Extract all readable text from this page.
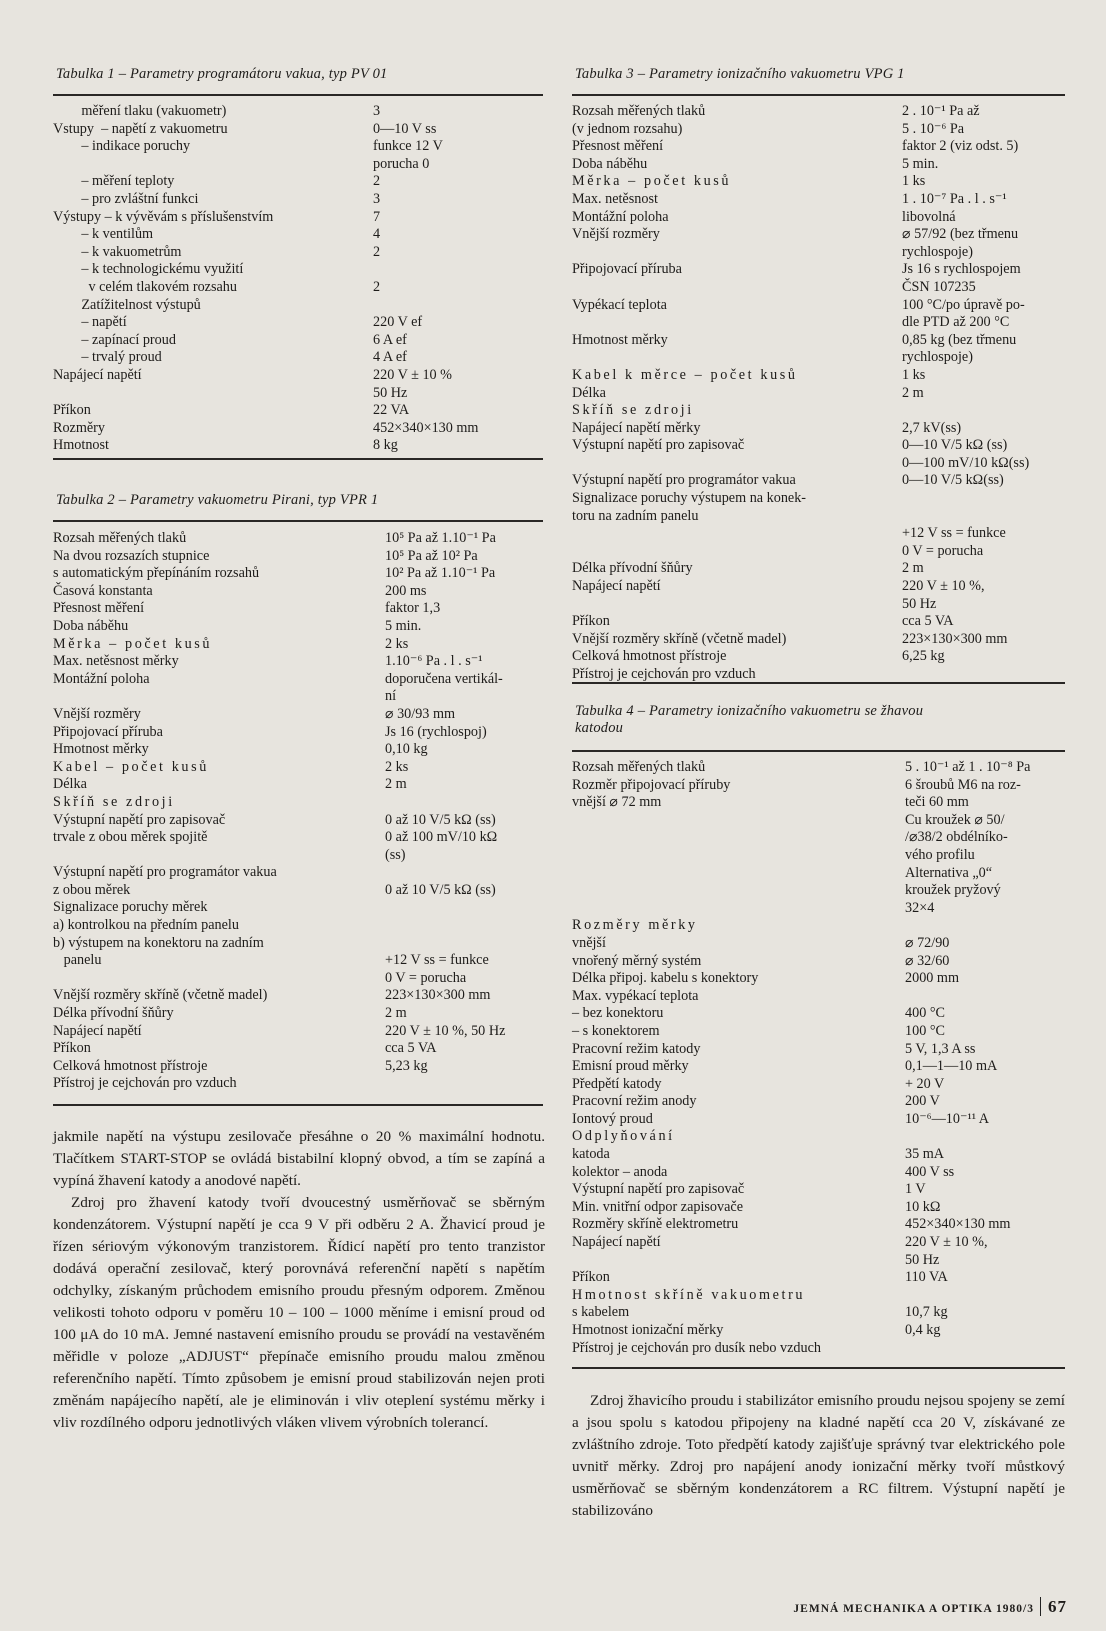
Tabulka 1 – Parametry programátoru vakua, typ PV 01
měření tlaku (vakuometr)	3
Vstupy  – napětí z vakuometru	0—10 V ss
– indikace poruchy	funkce 12 V
porucha 0
– měření teploty	2
– pro zvláštní funkci	3
Výstupy – k vývěvám s příslušenstvím	7
– k ventilům	4
– k vakuometrům	2
– k technologickému využití
v celém tlakovém rozsahu	2
Zatížitelnost výstupů
– napětí	220 V ef
– zapínací proud	6 A ef
– trvalý proud	4 A ef
Napájecí napětí	220 V ± 10 %
50 Hz
Příkon	22 VA
Rozměry	452×340×130 mm
Hmotnost	8 kg
Tabulka 2 – Parametry vakuometru Pirani, typ VPR 1
Rozsah měřených tlaků	10⁵ Pa až 1.10⁻¹ Pa
Na dvou rozsazích stupnice	10⁵ Pa až 10² Pa
s automatickým přepínáním rozsahů	10² Pa až 1.10⁻¹ Pa
Časová konstanta	200 ms
Přesnost měření	faktor 1,3
Doba náběhu	5 min.
Měrka – počet kusů	2 ks
Max. netěsnost měrky	1.10⁻⁶ Pa . l . s⁻¹
Montážní poloha	doporučena vertikál-
ní
Vnější rozměry	⌀ 30/93 mm
Připojovací příruba	Js 16 (rychlospoj)
Hmotnost měrky	0,10 kg
Kabel – počet kusů	2 ks
Délka	2 m
Skříň se zdroji
Výstupní napětí pro zapisovač	0 až 10 V/5 kΩ (ss)
trvale z obou měrek spojitě	0 až 100 mV/10 kΩ
(ss)
Výstupní napětí pro programátor vakua
z obou měrek	0 až 10 V/5 kΩ (ss)
Signalizace poruchy měrek
a) kontrolkou na předním panelu
b) výstupem na konektoru na zadním
panelu	+12 V ss = funkce
0 V = porucha
Vnější rozměry skříně (včetně madel)	223×130×300 mm
Délka přívodní šňůry	2 m
Napájecí napětí	220 V ± 10 %, 50 Hz
Příkon	cca 5 VA
Celková hmotnost přístroje	5,23 kg
Přístroj je cejchován pro vzduch

jakmile napětí na výstupu zesilovače přesáhne o 20 % maximální hodnotu. Tlačítkem START-STOP se ovládá bistabilní klopný obvod, a tím se zapíná a vypíná žhavení katody a anodové napětí.

Zdroj pro žhavení katody tvoří dvoucestný usměrňovač se sběrným kondenzátorem. Výstupní napětí je cca 9 V při odběru 2 A. Žhavicí proud je řízen sériovým výkonovým tranzistorem. Řídicí napětí pro tento tranzistor dodává operační zesilovač, který porovnává referenční napětí s napětím odchylky, získaným průchodem emisního proudu přesným odporem. Změnou velikosti tohoto odporu v poměru 10 – 100 – 1000 měníme i emisní proud od 100 μA do 10 mA. Jemné nastavení emisního proudu se provádí na vestavěném měřidle v poloze „ADJUST“ přepínače emisního proudu malou změnou referenčního napětí. Tímto způsobem je emisní proud stabilizován nejen proti změnám napájecího napětí, ale je eliminován i vliv oteplení systému měrky i vliv rozdílného odporu jednotlivých vláken vlivem výrobních tolerancí.

Tabulka 3 – Parametry ionizačního vakuometru VPG 1
Rozsah měřených tlaků	2 . 10⁻¹ Pa až
(v jednom rozsahu)	5 . 10⁻⁶ Pa
Přesnost měření	faktor 2 (viz odst. 5)
Doba náběhu	5 min.
Měrka – počet kusů	1 ks
Max. netěsnost	1 . 10⁻⁷ Pa . l . s⁻¹
Montážní poloha	libovolná
Vnější rozměry	⌀ 57/92 (bez třmenu
rychlospoje)
Připojovací příruba	Js 16 s rychlospojem
ČSN 107235
Vypékací teplota	100 °C/po úpravě po-
dle PTD až 200 °C
Hmotnost měrky	0,85 kg (bez třmenu
rychlospoje)
Kabel k měrce – počet kusů	1 ks
Délka	2 m
Skříň se zdroji
Napájecí napětí měrky	2,7 kV(ss)
Výstupní napětí pro zapisovač	0—10 V/5 kΩ (ss)
0—100 mV/10 kΩ(ss)
Výstupní napětí pro programátor vakua	0—10 V/5 kΩ(ss)
Signalizace poruchy výstupem na konek-
toru na zadním panelu
+12 V ss = funkce
0 V = porucha
Délka přívodní šňůry	2 m
Napájecí napětí	220 V ± 10 %,
50 Hz
Příkon	cca 5 VA
Vnější rozměry skříně (včetně madel)	223×130×300 mm
Celková hmotnost přístroje	6,25 kg
Přístroj je cejchován pro vzduch
Tabulka 4 – Parametry ionizačního vakuometru se žhavou
katodou
Rozsah měřených tlaků	5 . 10⁻¹ až 1 . 10⁻⁸ Pa
Rozměr připojovací příruby	6 šroubů M6 na roz-
vnější ⌀ 72 mm	teči 60 mm
Cu kroužek ⌀ 50/
/⌀38/2 obdélníko-
vého profilu
Alternativa „0“
kroužek pryžový
32×4
Rozměry měrky
vnější	⌀ 72/90
vnořený měrný systém	⌀ 32/60
Délka připoj. kabelu s konektory	2000 mm
Max. vypékací teplota
– bez konektoru	400 °C
– s konektorem	100 °C
Pracovní režim katody	5 V, 1,3 A ss
Emisní proud měrky	0,1—1—10 mA
Předpětí katody	+ 20 V
Pracovní režim anody	200 V
Iontový proud	10⁻⁶—10⁻¹¹ A
Odplyňování
katoda	35 mA
kolektor – anoda	400 V ss
Výstupní napětí pro zapisovač	1 V
Min. vnitřní odpor zapisovače	10 kΩ
Rozměry skříně elektrometru	452×340×130 mm
Napájecí napětí	220 V ± 10 %,
50 Hz
Příkon	110 VA
Hmotnost skříně vakuometru
s kabelem	10,7 kg
Hmotnost ionizační měrky	0,4 kg
Přístroj je cejchován pro dusík nebo vzduch

Zdroj žhavicího proudu i stabilizátor emisního proudu nejsou spojeny se zemí a jsou spolu s katodou připojeny na kladné napětí cca 20 V, získávané ze zvláštního zdroje. Toto předpětí katody zajišťuje správný tvar elektrického pole uvnitř měrky. Zdroj pro napájení anody ionizační měrky tvoří můstkový usměrňovač se sběrným kondenzátorem a RC filtrem. Výstupní napětí je stabilizováno

JEMNÁ MECHANIKA A OPTIKA 1980/3 67
